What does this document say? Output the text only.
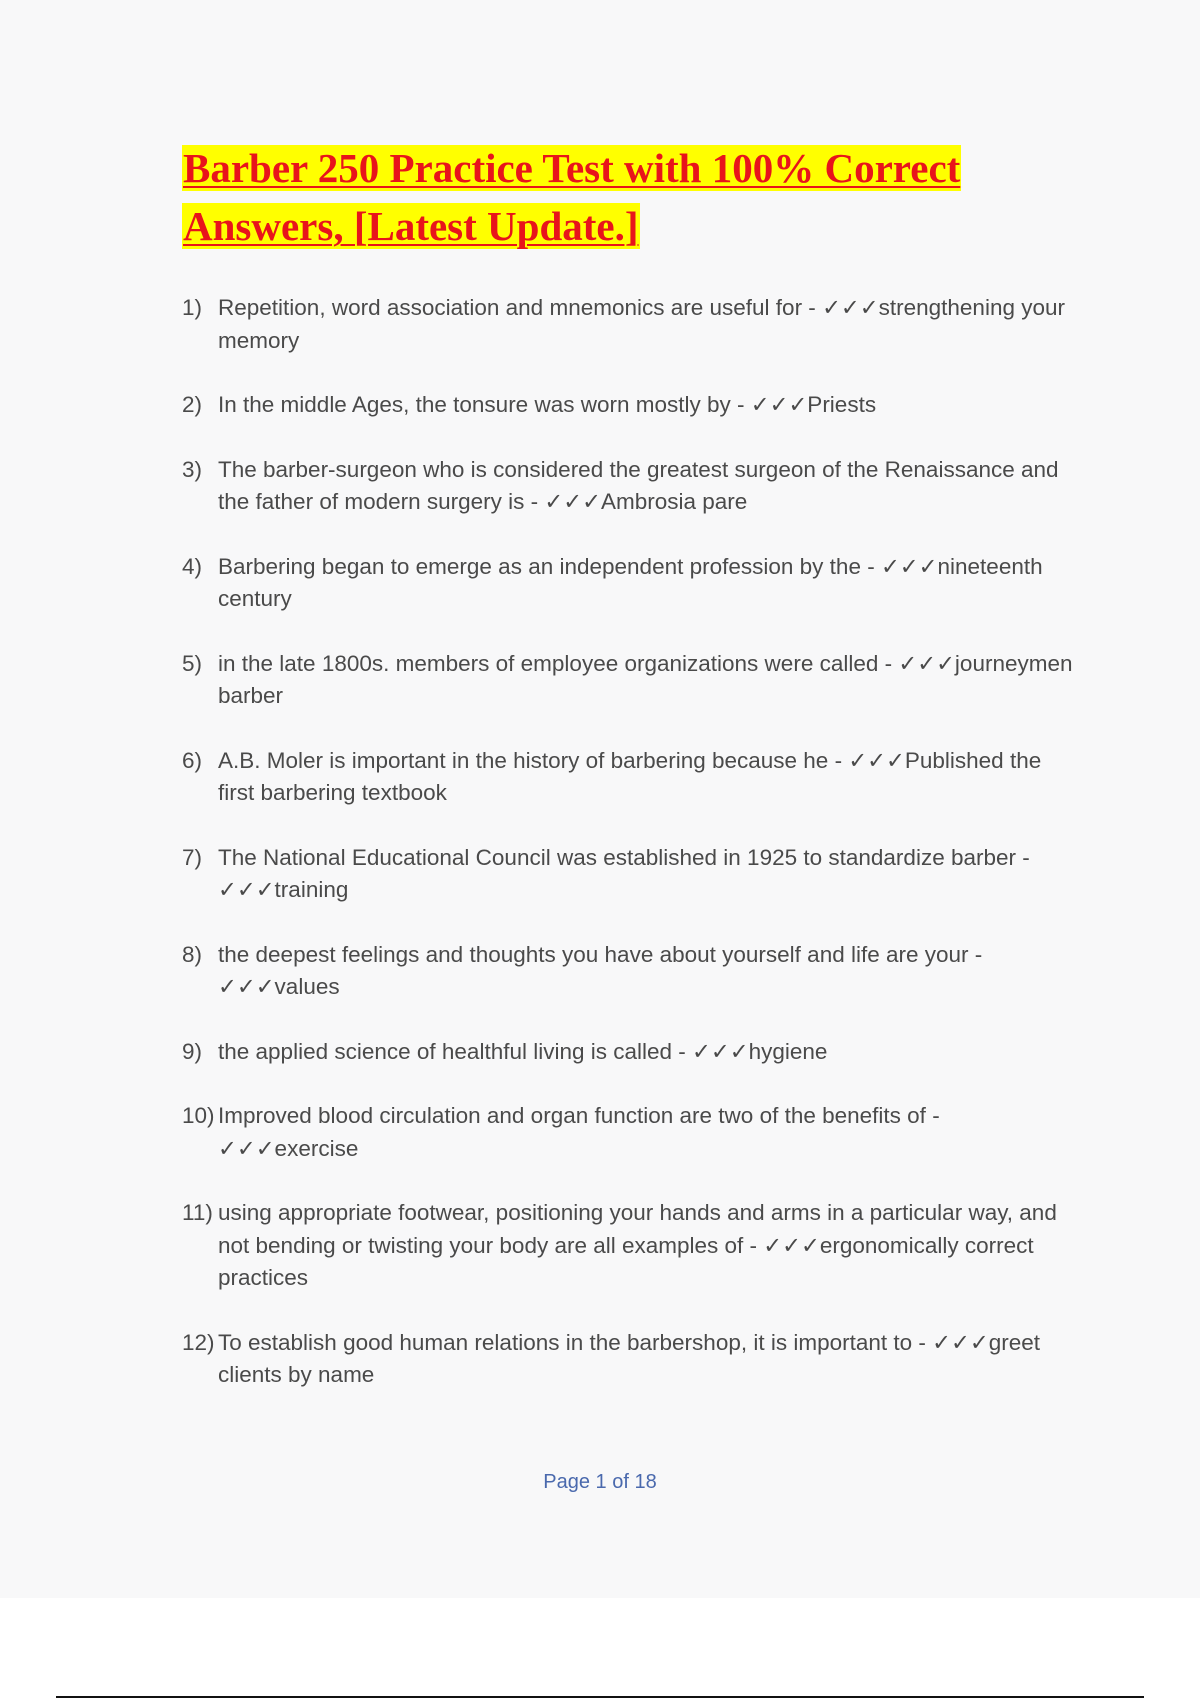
Barber 250 Practice Test with 100% Correct
Answers, [Latest Update.]
1) Repetition, word association and mnemonics are useful for - ✓✓✓strengthening your memory
2) In the middle Ages, the tonsure was worn mostly by - ✓✓✓Priests
3) The barber-surgeon who is considered the greatest surgeon of the Renaissance and the father of modern surgery is - ✓✓✓Ambrosia pare
4) Barbering began to emerge as an independent profession by the - ✓✓✓nineteenth century
5) in the late 1800s. members of employee organizations were called - ✓✓✓journeymen barber
6) A.B. Moler is important in the history of barbering because he - ✓✓✓Published the first barbering textbook
7) The National Educational Council was established in 1925 to standardize barber - ✓✓✓training
8) the deepest feelings and thoughts you have about yourself and life are your - ✓✓✓values
9) the applied science of healthful living is called - ✓✓✓hygiene
10) Improved blood circulation and organ function are two of the benefits of - ✓✓✓exercise
11) using appropriate footwear, positioning your hands and arms in a particular way, and not bending or twisting your body are all examples of - ✓✓✓ergonomically correct practices
12) To establish good human relations in the barbershop, it is important to - ✓✓✓greet clients by name
Page 1 of 18
